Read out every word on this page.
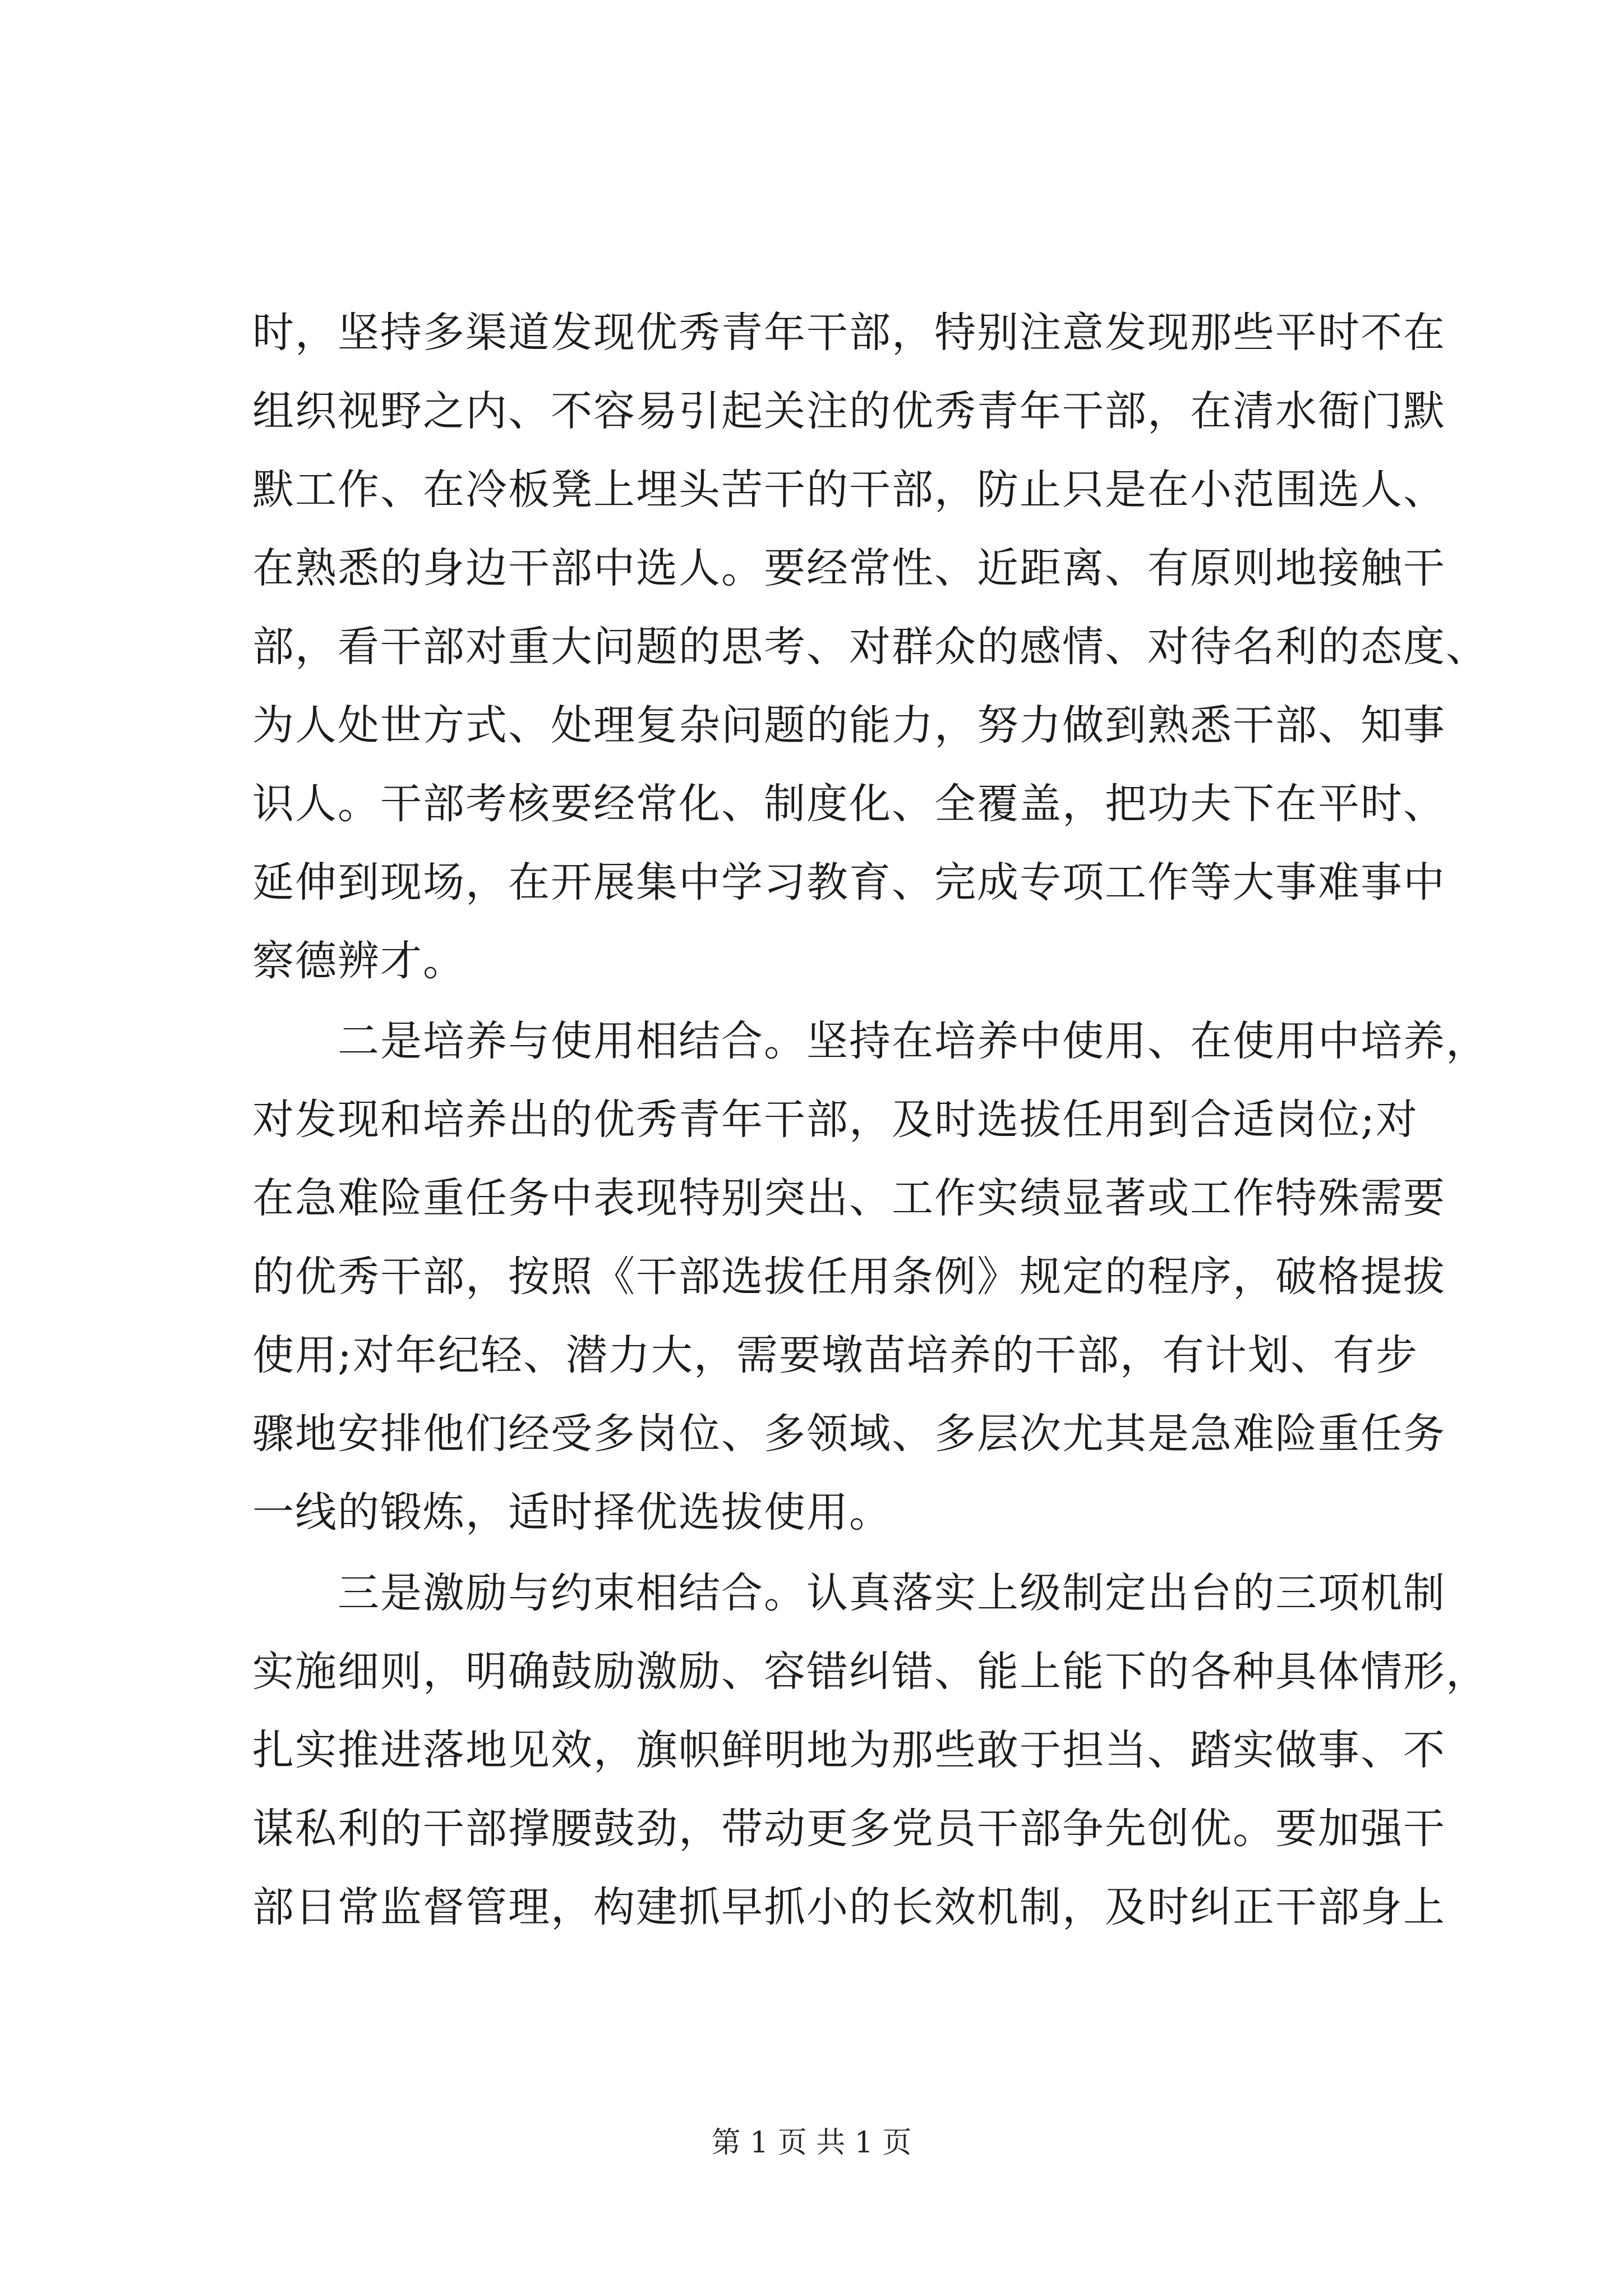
时，坚持多渠道发现优秀青年干部，特别注意发现那些平时不在
组织视野之内、不容易引起关注的优秀青年干部，在清水衙门默
默工作、在冷板凳上埋头苦干的干部，防止只是在小范围选人、
在熟悉的身边干部中选人。要经常性、近距离、有原则地接触干
部，看干部对重大问题的思考、对群众的感情、对待名利的态度、
为人处世方式、处理复杂问题的能力，努力做到熟悉干部、知事
识人。干部考核要经常化、制度化、全覆盖，把功夫下在平时、
延伸到现场，在开展集中学习教育、完成专项工作等大事难事中
察德辨才。
　　二是培养与使用相结合。坚持在培养中使用、在使用中培养，
对发现和培养出的优秀青年干部，及时选拔任用到合适岗位;对
在急难险重任务中表现特别突出、工作实绩显著或工作特殊需要
的优秀干部，按照《干部选拔任用条例》规定的程序，破格提拔
使用;对年纪轻、潜力大，需要墩苗培养的干部，有计划、有步
骤地安排他们经受多岗位、多领域、多层次尤其是急难险重任务
一线的锻炼，适时择优选拔使用。
　　三是激励与约束相结合。认真落实上级制定出台的三项机制
实施细则，明确鼓励激励、容错纠错、能上能下的各种具体情形，
扎实推进落地见效，旗帜鲜明地为那些敢于担当、踏实做事、不
谋私利的干部撑腰鼓劲，带动更多党员干部争先创优。要加强干
部日常监督管理，构建抓早抓小的长效机制，及时纠正干部身上
第 1 页 共 1 页
